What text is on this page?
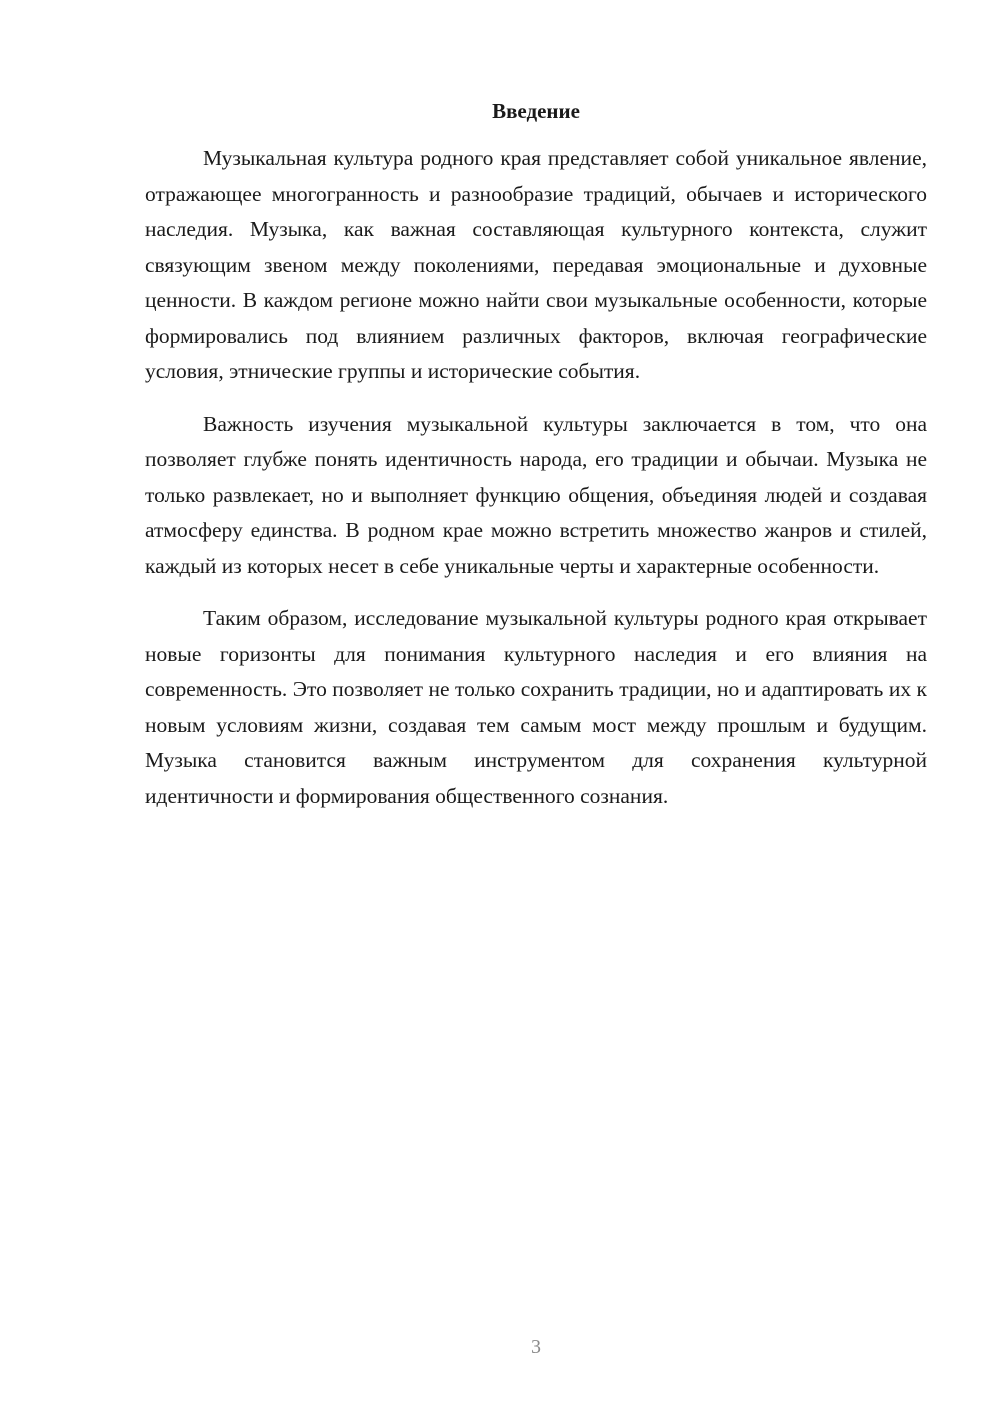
Введение

Музыкальная культура родного края представляет собой уникальное явление, отражающее многогранность и разнообразие традиций, обычаев и исторического наследия. Музыка, как важная составляющая культурного контекста, служит связующим звеном между поколениями, передавая эмоциональные и духовные ценности. В каждом регионе можно найти свои музыкальные особенности, которые формировались под влиянием различных факторов, включая географические условия, этнические группы и исторические события.

Важность изучения музыкальной культуры заключается в том, что она позволяет глубже понять идентичность народа, его традиции и обычаи. Музыка не только развлекает, но и выполняет функцию общения, объединяя людей и создавая атмосферу единства. В родном крае можно встретить множество жанров и стилей, каждый из которых несет в себе уникальные черты и характерные особенности.

Таким образом, исследование музыкальной культуры родного края открывает новые горизонты для понимания культурного наследия и его влияния на современность. Это позволяет не только сохранить традиции, но и адаптировать их к новым условиям жизни, создавая тем самым мост между прошлым и будущим. Музыка становится важным инструментом для сохранения культурной идентичности и формирования общественного сознания.

3
